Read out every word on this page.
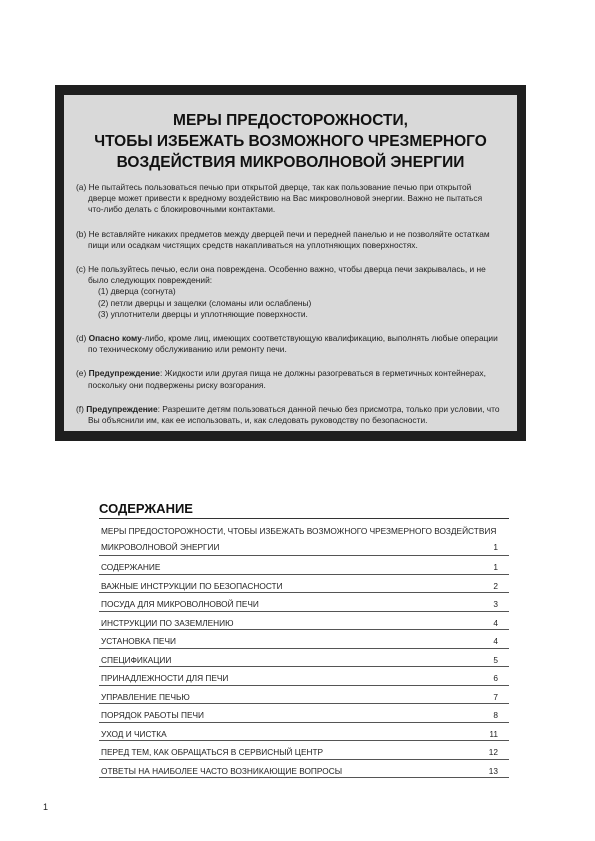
МЕРЫ ПРЕДОСТОРОЖНОСТИ,
ЧТОБЫ ИЗБЕЖАТЬ ВОЗМОЖНОГО ЧРЕЗМЕРНОГО
ВОЗДЕЙСТВИЯ МИКРОВОЛНОВОЙ ЭНЕРГИИ
(a) Не пытайтесь пользоваться печью при открытой дверце, так как пользование печью при открытой
дверце может привести к вредному воздействию на Вас микроволновой энергии. Важно не пытаться
что-либо делать с блокировочными контактами.
(b) Не вставляйте никаких предметов между дверцей печи и передней панелью и не позволяйте остаткам
пищи или осадкам чистящих средств накапливаться на уплотняющих поверхностях.
(c) Не пользуйтесь печью, если она повреждена. Особенно важно, чтобы дверца печи закрывалась, и не
было следующих повреждений:
(1) дверца (согнута)
(2) петли дверцы и защелки (сломаны или ослаблены)
(3) уплотнители дверцы и уплотняющие поверхности.
(d) Опасно кому-либо, кроме лиц, имеющих соответствующую квалификацию, выполнять любые операции
по техническому обслуживанию или ремонту печи.
(e) Предупреждение: Жидкости или другая пища не должны разогреваться в герметичных контейнерах,
поскольку они подвержены риску возгорания.
(f) Предупреждение: Разрешите детям пользоваться данной печью без присмотра, только при условии, что
Вы объяснили им, как ее использовать, и, как следовать руководству по безопасности.
СОДЕРЖАНИЕ
МЕРЫ ПРЕДОСТОРОЖНОСТИ, ЧТОБЫ ИЗБЕЖАТЬ ВОЗМОЖНОГО ЧРЕЗМЕРНОГО ВОЗДЕЙСТВИЯ
МИКРОВОЛНОВОЙ ЭНЕРГИИ	1
СОДЕРЖАНИЕ	1
ВАЖНЫЕ ИНСТРУКЦИИ ПО БЕЗОПАСНОСТИ	2
ПОСУДА ДЛЯ МИКРОВОЛНОВОЙ ПЕЧИ	3
ИНСТРУКЦИИ ПО ЗАЗЕМЛЕНИЮ	4
УСТАНОВКА ПЕЧИ	4
СПЕЦИФИКАЦИИ	5
ПРИНАДЛЕЖНОСТИ ДЛЯ ПЕЧИ	6
УПРАВЛЕНИЕ ПЕЧЬЮ	7
ПОРЯДОК РАБОТЫ ПЕЧИ	8
УХОД И ЧИСТКА	11
ПЕРЕД ТЕМ, КАК ОБРАЩАТЬСЯ В СЕРВИСНЫЙ ЦЕНТР	12
ОТВЕТЫ НА НАИБОЛЕЕ ЧАСТО ВОЗНИКАЮЩИЕ ВОПРОСЫ	13
1
